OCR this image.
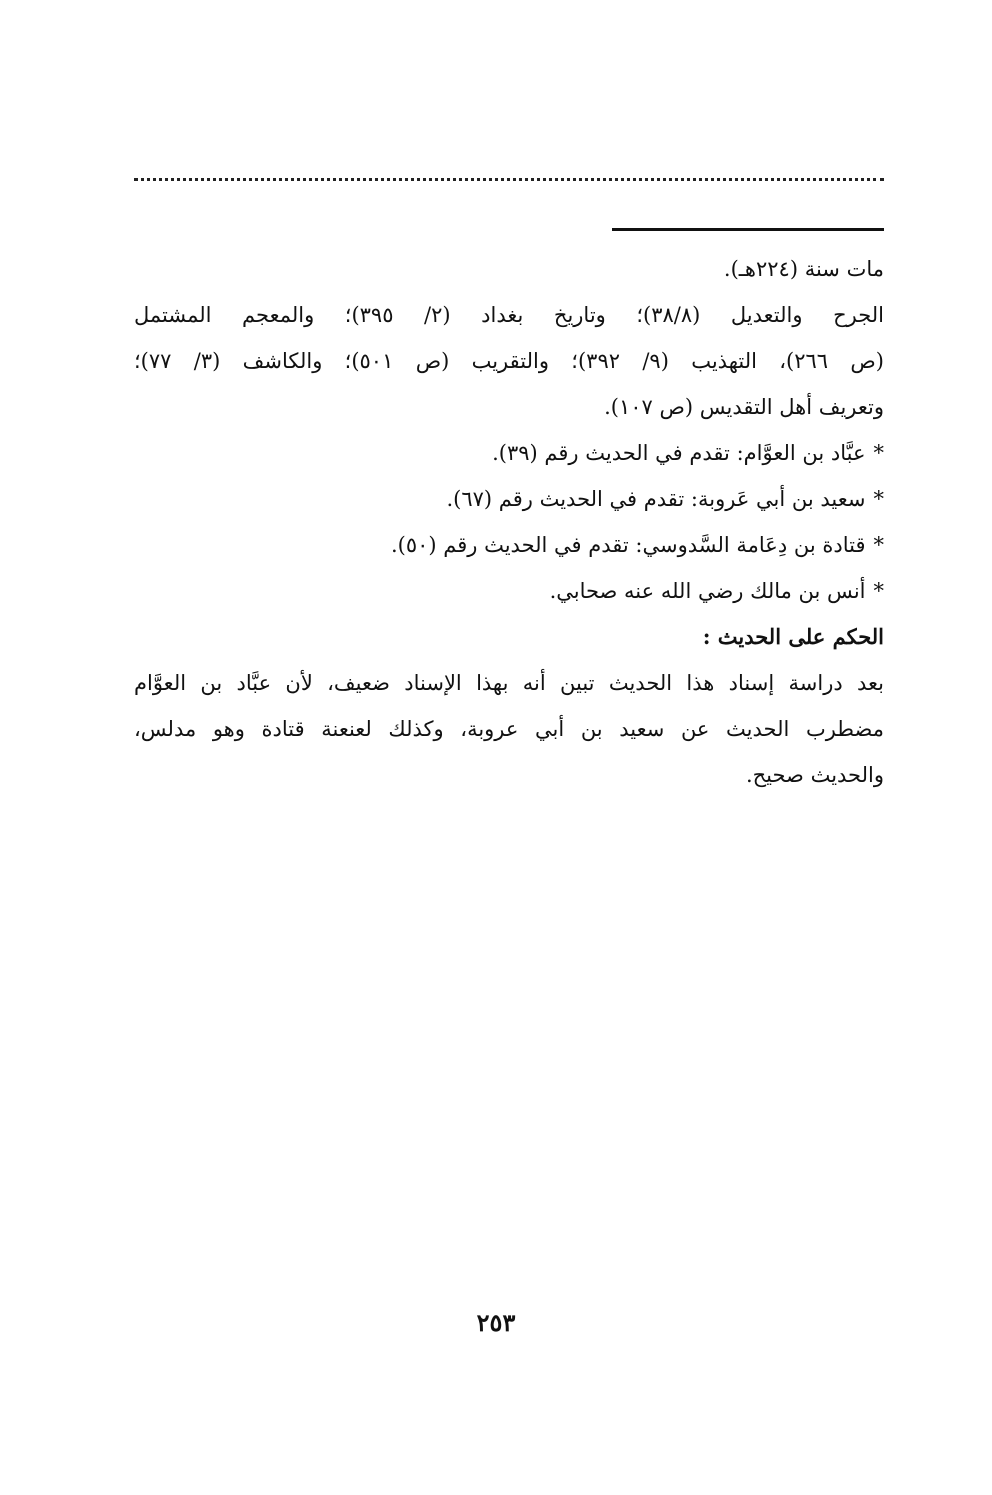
مات سنة (٢٢٤هـ).
الجرح والتعديل (٣٨/٨)؛ وتاريخ بغداد (٢/ ٣٩٥)؛ والمعجم المشتمل
(ص ٢٦٦)، التهذيب (٩/ ٣٩٢)؛ والتقريب (ص ٥٠١)؛ والكاشف (٣/ ٧٧)؛
وتعريف أهل التقديس (ص ١٠٧).
*عبَّاد بن العوَّام: تقدم في الحديث رقم (٣٩).
*سعيد بن أبي عَروبة: تقدم في الحديث رقم (٦٧).
*قتادة بن دِعَامة السَّدوسي: تقدم في الحديث رقم (٥٠).
*أنس بن مالك رضي الله عنه صحابي.
الحكم على الحديث :
بعد دراسة إسناد هذا الحديث تبين أنه بهذا الإسناد ضعيف، لأن عبَّاد بن العوَّام
مضطرب الحديث عن سعيد بن أبي عروبة، وكذلك لعنعنة قتادة وهو مدلس،
والحديث صحيح.
٢٥٣
